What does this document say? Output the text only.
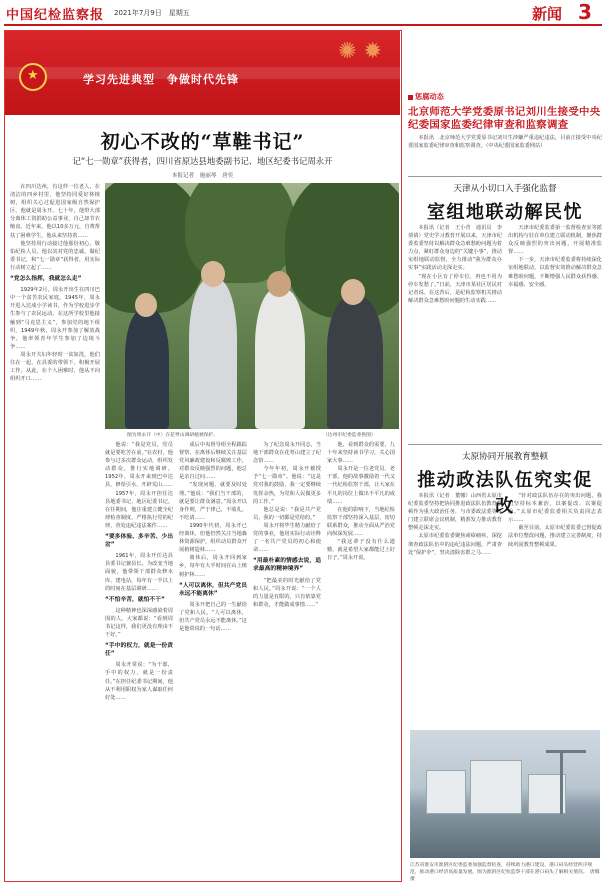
中国纪检监察报 2021年7月9日　星期五	新闻 3
★
学习先进典型　争做时代先锋
✺ ✹
初心不改的“草鞋书记”
记“七一勋章”获得者，四川省原达县地委副书记、地区纪委书记周永开
本报记者　施丽琴　唐奕

在四川达州，有这样一位老人，在清洁的四乡村里，他坚持同爱好林植树，组织关心过促进国家级自然保护区，他就是周永开。七十年，他带大部分离休工资捐助公益事业，自己却节衣缩食。近年来，他以10多万元，自费帮扶了困难学生，他从来坚持着……

他坚持用行动接过他那份初心，敬佑纪检人员，他以其对党的忠诚，做纪委书记，和“七一勋章”获得者，用实际行动树立起了……

“党怎么指挥，我就怎么走”

1929年2月，周永开出生在四川巴中一个贫苦农民家庭。1945年，周永开进入达成小学读书，作为学校进步学生参与了农民运动。在这所学校里他接触到“马克思主义”，参加党的地下组织。1949年秋，周永开参加了解放战争，他率领青年学生参加了边境斗争……

周永开夫妇年轻时一贫如洗，他们住在一起，在县委的带领下，积极开展工作。从此，在个人困难时，他从不向组织开口……

图为周永开（中）在花萼山调研植被保护。	（达州市纪委监委供图）

他说：“我是党员，党员就是要吃苦在前。”在农村，他参与过多次群众运动，组织发动群众，推行实地调研。1952年，周永开来到巴中达县，修渠引水，开辟荒山……

1957年，周永开担任达县地委书记、地区纪委书记。在任期间，他注重建立健全纪律检查制度，严格执行党的纪律，查处违纪违法案件……

“要多体验、多辛苦、少出岔”

1961年，周永开任达县县委书记兼县长。为改变当地面貌，他带领干部群众修水库、建电站，每年有一半以上的时间在基层调研……

“不怕辛苦，就怕不干”

这种精神也深深感染着周围的人。大家都说：“看到周书记这样，我们更没有理由不干好。”

“手中的权力，就是一份责任”

周永开常说：“为干部，手中的权力，就是一份责任。”在担任纪委书记期间，他从不利用职权为家人谋取任何好处……

成后中央督导组全程跟踪督察，在离休后继续关注基层党风廉政建设和反腐败工作，对群众反映强烈的问题，他总是亲自过问……

“发现问题，就要及时处理。”他说：“我们当干部的，就是要让群众满意。”周永开以身作则，严于律己，不收礼、不吃请……

1990年代初，周永开已经离休，但他仍然关注当地森林资源保护，组织动员群众开展植树造林……

离休后，周永开回到家乡，每年有大半时间在山上植树护林……

“人可以离休，但共产党员永远不能离休”

周永开把自己的一生献给了党和人民。“人可以离休，但共产党员永远不能离休。”这是他常说的一句话……

为了纪念周永开同志，当地干部群众在花萼山建立了纪念馆……

今年年初，周永开被授予“七一勋章”。他说：“这是党对我的鼓励，我一定要继续发挥余热，为党和人民做更多的工作。”

他总是说：“我是共产党员，我的一切都是党给的。”

周永开将毕生精力献给了党的事业，他用实际行动诠释了一名共产党员的初心和使命……

“用最朴素的情感去说，追求最高的精神境界”

“把最美的时光献给了党和人民。”周永开说：“一个人的力量是有限的，只有依靠党和群众，才能做成事情……”

他，看到群众的需要，九十年来坚持读书学习，关心国家大事……

周永开是一位老党员、老干部，他的故事激励着一代又一代纪检监察干部，让大家在平凡的岗位上做出不平凡的成绩……

在他的影响下，当地纪检监察干部坚持深入基层，密切联系群众，推动全面从严治党向纵深发展……

“我这辈子没有什么遗憾，就是希望大家都能过上好日子。”周永开说。

惩腐动态
北京师范大学党委原书记刘川生接受中央纪委国家监委纪律审查和监察调查

本报讯　北京师范大学党委原书记刘川生涉嫌严重违纪违法，目前正接受中央纪委国家监委纪律审查和监察调查。（中央纪委国家监委网站）

天津从小切口入手强化监督
室组地联动解民忧

本报讯（记者　王小青　通讯员　李倩倩）党史学习教育开展以来，天津市纪委监委坚持以解决群众急难愁盼问题为着力点，紧盯群众身边的“关键小事”，推动室组地联动监督，全力推动“我为群众办实事”实践活动走深走实。

“现在小区有了停车位，再也不用为停车发愁了。”日前，天津市某社区居民对记者说。在这背后，是纪检监察机关推动解决群众急难愁盼问题的生动实践……

天津市纪委监委第一监督检查室等派出机构与驻在单位建立联动机制，聚焦群众反映强烈的突出问题，开展精准监督……

下一步，天津市纪委监委将持续深化室组地联动，以监督实效推动解决群众急难愁盼问题，不断增强人民群众获得感、幸福感、安全感。

太原协同开展教育整顿
推动政法队伍究实促改

本报讯（记者　董娜）山西省太原市纪委监委坚持把协同推进政法队伍教育整顿作为重大政治任务，与市委政法委等部门建立联席会议机制，精准发力推动教育整顿走深走实。

太原市纪委监委聚焦顽瘴痼疾，深挖彻查政法队伍中的违纪违法问题，严肃查处“保护伞”，坚决清除害群之马……

“针对政法队伍存在的突出问题，我们坚持标本兼治，以案促改、以案促治。”太原市纪委监委相关负责同志表示……

截至目前，太原市纪委监委已督促政法单位整改问题，推动建立完善制度，持续巩固教育整顿成果。

江苏省淮安市淮阴区纪委监委加强监督检查，持续助力港口建设、港口码头经营秩序规范，推动港口经济高质量发展。图为淮阴区纪检监察干部在港口码头了解相关情况。　唐娜 摄
